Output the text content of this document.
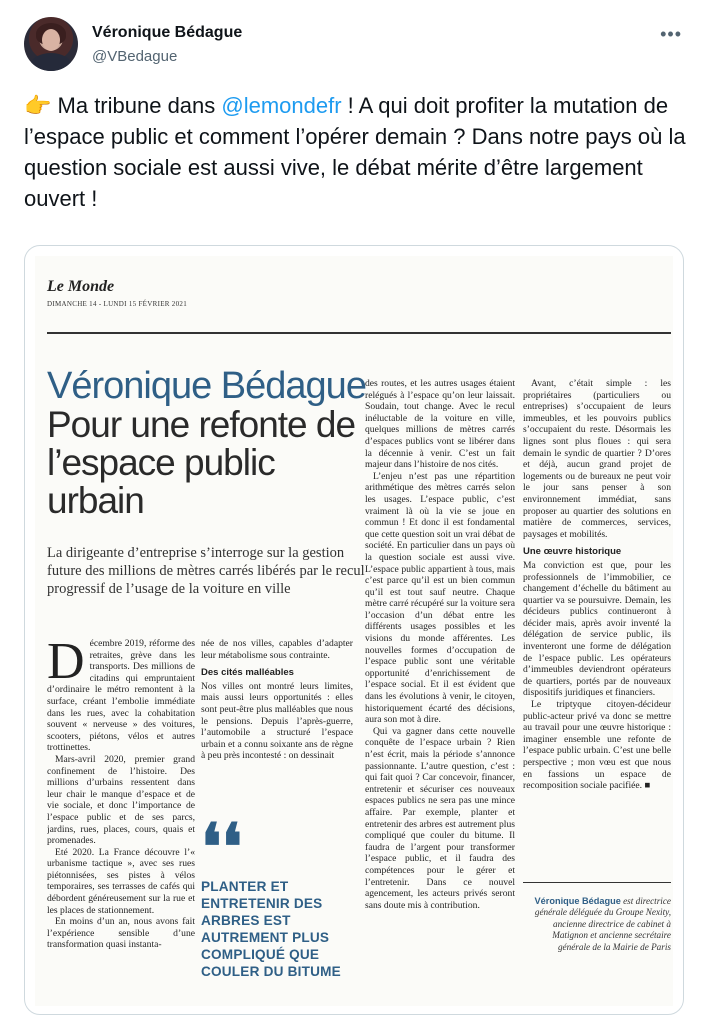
Véronique Bédague
@VBedague
•••
👉 Ma tribune dans @lemondefr ! A qui doit profiter la mutation de l’espace public et comment l’opérer demain ? Dans notre pays où la question sociale est aussi vive, le débat mérite d’être largement ouvert !
Le Monde
DIMANCHE 14 - LUNDI 15 FÉVRIER 2021
Véronique Bédague
Pour une refonte de l’espace public urbain
La dirigeante d’entreprise s’interroge sur la gestion future des millions de mètres carrés libérés par le recul progressif de l’usage de la voiture en ville
D écembre 2019, réforme des retraites, grève dans les transports. Des millions de citadins qui empruntaient d’ordinaire le métro remontent à la surface, créant l’embolie immédiate dans les rues, avec la cohabitation souvent « nerveuse » des voitures, scooters, piétons, vélos et autres trottinettes.

Mars-avril 2020, premier grand confinement de l’histoire. Des millions d’urbains ressentent dans leur chair le manque d’espace et de vie sociale, et donc l’importance de l’espace public et de ses parcs, jardins, rues, places, cours, quais et promenades.

Eté 2020. La France découvre l’« urbanisme tactique », avec ses rues piétonnisées, ses pistes à vélos temporaires, ses terrasses de cafés qui débordent généreusement sur la rue et les places de stationnement.

En moins d’un an, nous avons fait l’expérience sensible d’une transformation quasi instanta-

née de nos villes, capables d’adapter leur métabolisme sous contrainte.

Des cités malléables

Nos villes ont montré leurs limites, mais aussi leurs opportunités : elles sont peut-être plus malléables que nous le pensions. Depuis l’après-guerre, l’automobile a structuré l’espace urbain et a connu soixante ans de règne à peu près incontesté : on dessinait

❛❛
PLANTER ET ENTRETENIR DES ARBRES EST AUTREMENT PLUS COMPLIQUÉ QUE COULER DU BITUME

des routes, et les autres usages étaient relégués à l’espace qu’on leur laissait. Soudain, tout change. Avec le recul inéluctable de la voiture en ville, quelques millions de mètres carrés d’espaces publics vont se libérer dans la décennie à venir. C’est un fait majeur dans l’histoire de nos cités.

L’enjeu n’est pas une répartition arithmétique des mètres carrés selon les usages. L’espace public, c’est vraiment là où la vie se joue en commun ! Et donc il est fondamental que cette question soit un vrai débat de société. En particulier dans un pays où la question sociale est aussi vive. L’espace public appartient à tous, mais c’est parce qu’il est un bien commun qu’il est tout sauf neutre. Chaque mètre carré récupéré sur la voiture sera l’occasion d’un débat entre les différents usages possibles et les visions du monde afférentes. Les nouvelles formes d’occupation de l’espace public sont une véritable opportunité d’enrichissement de l’espace social. Et il est évident que dans les évolutions à venir, le citoyen, historiquement écarté des décisions, aura son mot à dire.

Qui va gagner dans cette nouvelle conquête de l’espace urbain ? Rien n’est écrit, mais la période s’annonce passionnante. L’autre question, c’est : qui fait quoi ? Car concevoir, financer, entretenir et sécuriser ces nouveaux espaces publics ne sera pas une mince affaire. Par exemple, planter et entretenir des arbres est autrement plus compliqué que couler du bitume. Il faudra de l’argent pour transformer l’espace public, et il faudra des compétences pour le gérer et l’entretenir. Dans ce nouvel agencement, les acteurs privés seront sans doute mis à contribution.

Avant, c’était simple : les propriétaires (particuliers ou entreprises) s’occupaient de leurs immeubles, et les pouvoirs publics s’occupaient du reste. Désormais les lignes sont plus floues : qui sera demain le syndic de quartier ? D’ores et déjà, aucun grand projet de logements ou de bureaux ne peut voir le jour sans penser à son environnement immédiat, sans proposer au quartier des solutions en matière de commerces, services, paysages et mobilités.

Une œuvre historique

Ma conviction est que, pour les professionnels de l’immobilier, ce changement d’échelle du bâtiment au quartier va se poursuivre. Demain, les décideurs publics continueront à décider mais, après avoir inventé la délégation de service public, ils inventeront une forme de délégation de l’espace public. Les opérateurs d’immeubles deviendront opérateurs de quartiers, portés par de nouveaux dispositifs juridiques et financiers.

Le triptyque citoyen-décideur public-acteur privé va donc se mettre au travail pour une œuvre historique : imaginer ensemble une refonte de l’espace public urbain. C’est une belle perspective ; mon vœu est que nous en fassions un espace de recomposition sociale pacifiée. ■

Véronique Bédague est directrice générale déléguée du Groupe Nexity, ancienne directrice de cabinet à Matignon et ancienne secrétaire générale de la Mairie de Paris
